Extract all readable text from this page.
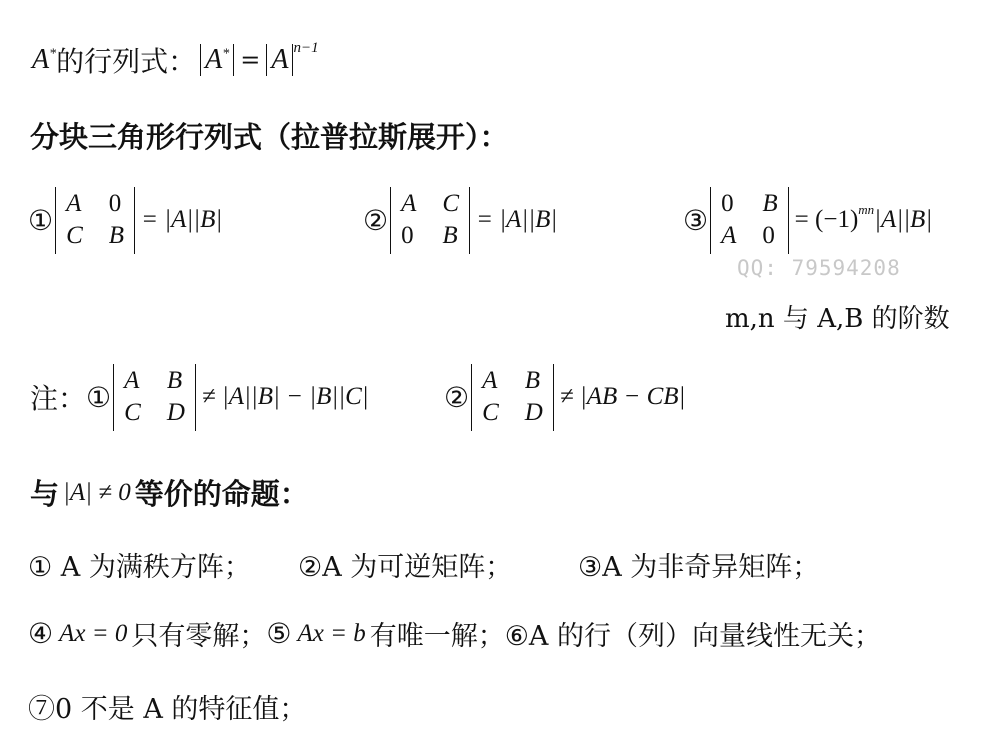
A* 的行列式： A* = A $^{n-1}$
分块三角形行列式（拉普拉斯展开）：
①
A 0
C B
= |A||B|	②
A C
0 B
= |A||B|	③
0 B
A 0
= $(-1)^{mn}$ |A||B|
QQ: 79594208
m,n 与 A,B 的阶数
注： ①
A B
C D
≠ |A||B| − |B||C|	②
A B
C D
≠ |AB − CB|
与 |A| ≠ 0 等价的命题：
① A 为满秩方阵； ②A 为可逆矩阵； ③A 为非奇异矩阵；
④ Ax = 0 只有零解； ⑤ Ax = b 有唯一解； ⑥A 的行（列）向量线性无关；
⑦0 不是 A 的特征值；
